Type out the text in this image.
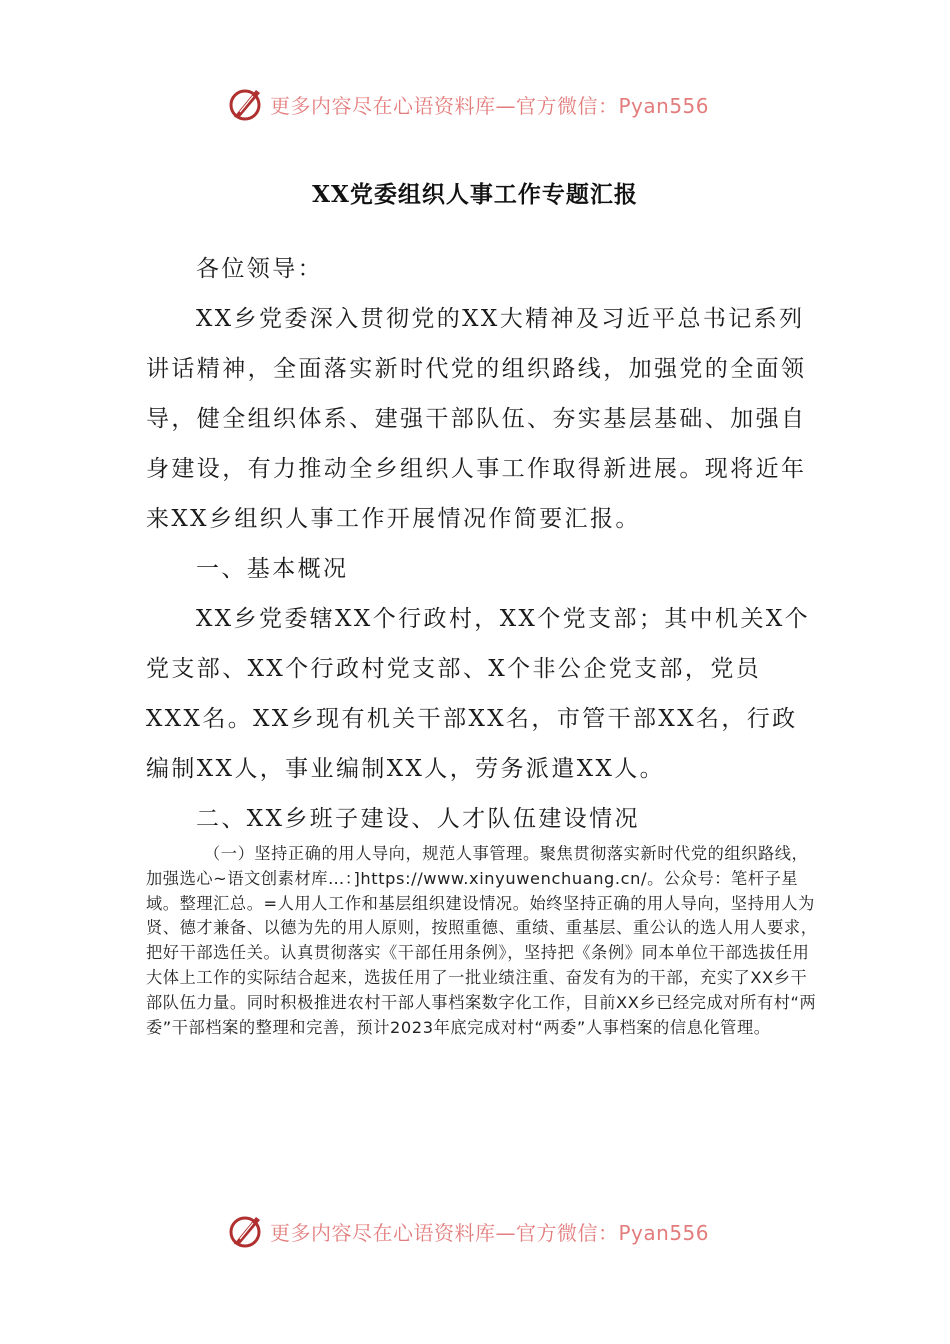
更多内容尽在心语资料库—官方微信：Pyan556
XX党委组织人事工作专题汇报

各位领导：

XX乡党委深入贯彻党的XX大精神及习近平总书记系列讲话精神，全面落实新时代党的组织路线，加强党的全面领导，健全组织体系、建强干部队伍、夯实基层基础、加强自身建设，有力推动全乡组织人事工作取得新进展。现将近年来XX乡组织人事工作开展情况作简要汇报。

一、基本概况

XX乡党委辖XX个行政村，XX个党支部；其中机关X个党支部、XX个行政村党支部、X个非公企党支部，党员XXX名。XX乡现有机关干部XX名，市管干部XX名，行政编制XX人，事业编制XX人，劳务派遣XX人。

二、XX乡班子建设、人才队伍建设情况

（一）坚持正确的用人导向，规范人事管理。聚焦贯彻落实新时代党的组织路线，加强选心~语文创素材库…：]https://www.xinyuwenchuang.cn/。公众号：笔杆子星域。整理汇总。=人用人工作和基层组织建设情况。始终坚持正确的用人导向，坚持用人为贤、德才兼备、以德为先的用人原则，按照重德、重绩、重基层、重公认的选人用人要求，把好干部选任关。认真贯彻落实《干部任用条例》，坚持把《条例》同本单位干部选拔任用大体上工作的实际结合起来，选拔任用了一批业绩注重、奋发有为的干部，充实了XX乡干部队伍力量。同时积极推进农村干部人事档案数字化工作，目前XX乡已经完成对所有村“两委”干部档案的整理和完善，预计2023年底完成对村“两委”人事档案的信息化管理。

更多内容尽在心语资料库—官方微信：Pyan556
